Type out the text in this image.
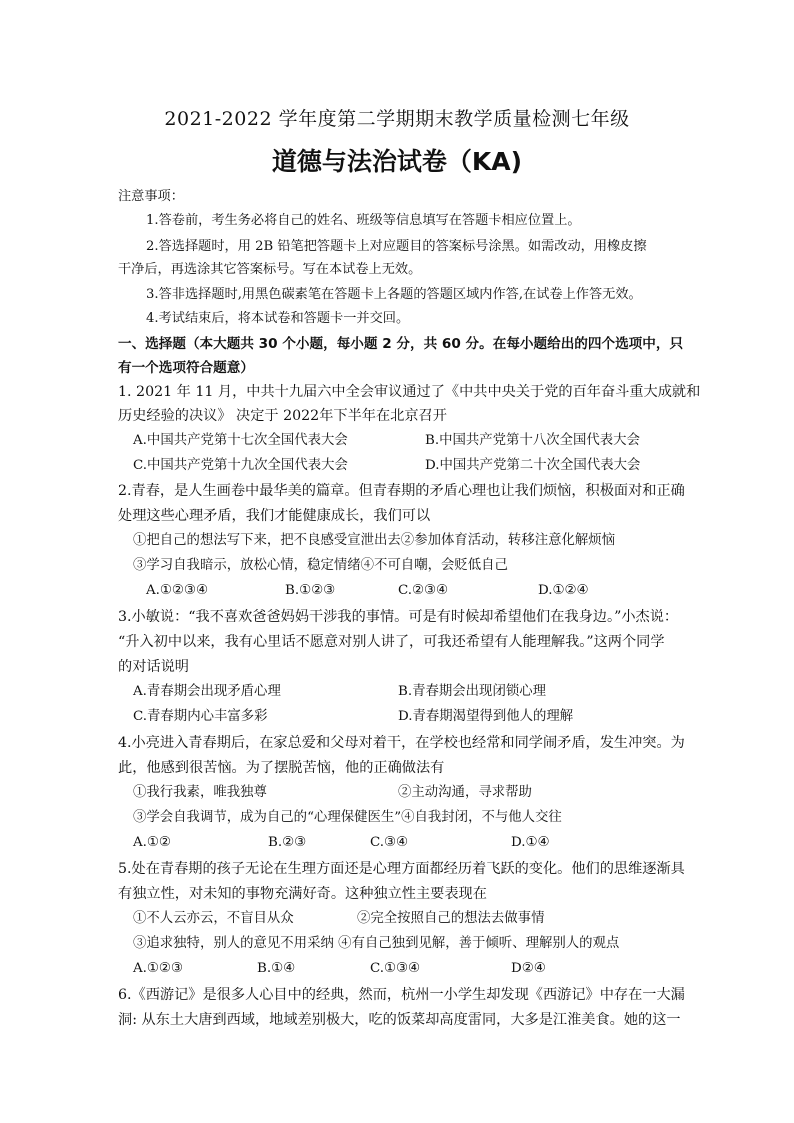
2021-2022 学年度第二学期期末教学质量检测七年级
道德与法治试卷（KA)
注意事项：
1.答卷前，考生务必将自己的姓名、班级等信息填写在答题卡相应位置上。
2.答选择题时，用 2B 铅笔把答题卡上对应题目的答案标号涂黑。如需改动，用橡皮擦
干净后，再选涂其它答案标号。写在本试卷上无效。
3.答非选择题时,用黑色碳素笔在答题卡上各题的答题区域内作答,在试卷上作答无效。
4.考试结束后，将本试卷和答题卡一并交回。
一、选择题（本大题共 30 个小题，每小题 2 分，共 60 分。在每小题给出的四个选项中，只
有一个选项符合题意）
1. 2021 年 11 月，中共十九届六中全会审议通过了《中共中央关于党的百年奋斗重大成就和
历史经验的决议》 决定于 2022年下半年在北京召开
A.中国共产党第十七次全国代表大会	B.中国共产党第十八次全国代表大会
C.中国共产党第十九次全国代表大会	D.中国共产党第二十次全国代表大会
2.青春，是人生画卷中最华美的篇章。但青春期的矛盾心理也让我们烦恼，积极面对和正确
处理这些心理矛盾，我们才能健康成长，我们可以
①把自己的想法写下来，把不良感受宣泄出去②参加体育活动，转移注意化解烦恼
③学习自我暗示，放松心情，稳定情绪④不可自嘲，会贬低自己
A.①②③④	B.①②③	C.②③④	D.①②④
3.小敏说：“我不喜欢爸爸妈妈干涉我的事情。可是有时候却希望他们在我身边。”小杰说：
“升入初中以来，我有心里话不愿意对别人讲了，可我还希望有人能理解我。”这两个同学
的对话说明
A.青春期会出现矛盾心理	B.青春期会出现闭锁心理
C.青春期内心丰富多彩	D.青春期渴望得到他人的理解
4.小亮进入青春期后，在家总爱和父母对着干，在学校也经常和同学闹矛盾，发生冲突。为
此，他感到很苦恼。为了摆脱苦恼，他的正确做法有
①我行我素，唯我独尊	②主动沟通，寻求帮助
③学会自我调节，成为自己的“心理保健医生”④自我封闭，不与他人交往
A.①②	B.②③	C.③④	D.①④
5.处在青春期的孩子无论在生理方面还是心理方面都经历着飞跃的变化。他们的思维逐渐具
有独立性，对未知的事物充满好奇。这种独立性主要表现在
①不人云亦云，不盲目从众	②完全按照自己的想法去做事情
③追求独特，别人的意见不用采纳 ④有自己独到见解，善于倾听、理解别人的观点
A.①②③	B.①④	C.①③④	D②④
6.《西游记》是很多人心目中的经典，然而，杭州一小学生却发现《西游记》中存在一大漏
洞: 从东土大唐到西域，地域差别极大，吃的饭菜却高度雷同，大多是江淮美食。她的这一
